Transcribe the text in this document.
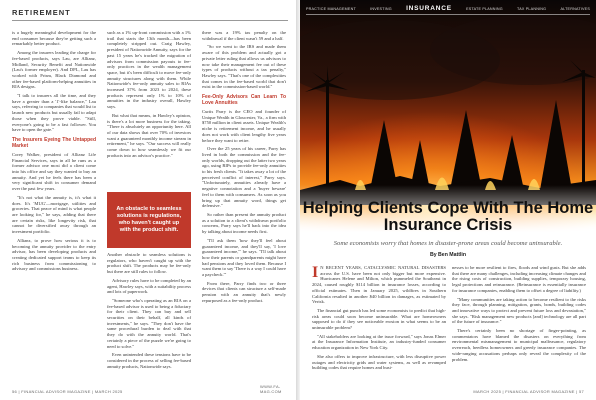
RETIREMENT

is a hugely meaningful development for the end consumer because they're getting such a remarkably better product.

Among the insurers leading the charge for fee-based products, says Lau, are Allianz, Midland, Security Benefit and Nationwide (Lau's former employer). And DPL, Lau has worked with Prism, Black Diamond and other fee-based platform-helping annuities in RIA designs.

"I talk to insurers all the time, and they have a greater than a '1'-like balance," Lau says, referring to companies that would list to launch new products but usually fail to adapt those when they prove viable. "Still, everyone's going to be a fast follower. You have to open the gate."

The Insurers Eyeing The Untapped Market

Corey Walker, president of Allianz Life Financial Services, says in all he runs as a former advisor one most did a client come into his office and say they wanted to buy an annuity. And yet he feels there has been a very significant shift in consumer demand over the past few years.

"It's not what the annuity is, it's what it does. It's 'MUG'—mortgage, utilities and groceries. That peace of mind is what people are looking for," he says, adding that there are certain risks, like longevity risk, that cannot be diversified away through an investment portfolio.

Allianz, to prove how serious it is to becoming the annuity provider to the entry advisor, has been developing products and creating dedicated support teams to keep its rich business from commissioning to advisory and commissions business.

such as a 1% up-front commission with a 1% trail that starts the 13th month—has been completely stripped out. Craig Hawley, president of Nationwide Annuity, says for the past 15 years he's tracked the migration of advisors from commission payouts to fee-only practices in the wealth management space, but it's been difficult to move fee-only annuity structures along with them. While Nationwide's fee-only annuity sales to RIAs increased 37% from 2023 to 2024, these products represent only 1% to 10% of annuities in the industry overall, Hawley says.

But what that means, in Hawley's opinion, is there's a lot more business for the taking. "There is absolutely an opportunity here. All of our data shows that over 70% of investors want a guaranteed monthly income stream in retirement," he says. "Our success will really come down to how seamlessly we fit our products into an advisor's practice."

An obstacle to seamless solutions is regulations, who haven't caught up with the product shift.

Another obstacle to seamless solutions is regulators, who haven't caught up with the product shift. The products may be fee-only but there are still rules to follow.

Advisory rules have to be completed by an agent, Hawley says, with a suitability process and lots of paperwork.

"Someone who's operating as an RIA on a fee-based advisor is used to being a fiduciary for their client. They can buy and sell securities on their behalf, all kinds of investments," he says. "They don't have the same procedural burden to deal with that they do with the annuity world. That's certainly a piece of the puzzle we're going to need to solve."

Even unintended these tensions have to be considered in the process of selling fee-based annuity products, Nationwide says.

there was a 19% tax penalty on the withdrawal if the client wasn't 59 and a half.

"So we went to the IRS and made them aware of this problem and actually got a private letter ruling that allows us advisors to now take their management fee out of these types of products without a tax penalty," Hawley says. "That's one of the complexities that comes in the fee-based world that don't exist in the commission-based world."

Fee-Only Advisors Can Learn To Love Annuities

Curtis Parry is the CEO and founder of Unique Wealth in Gloucester, Va., a firm with $750 million in client assets. Unique Wealth's niche is retirement income, and he usually does not work with client lengthy five years before they want to retire.

Over the 25 years of his career, Parry has lived in both the commission and the fee-only worlds, dropping out the latter two years ago, using RIPs to provide fee-only annuities to his fresh clients. "It takes away a lot of the perceived conflict of interest," Parry says. "Unfortunately, annuities already have a negative connotation and a 'buyer beware' feel to them with consumers. As soon as you bring up that annuity word, things get defensive."

So rather than present the annuity product as a solution to a client's withdrawn portfolio concerns, Parry says he'll back into the idea by talking about income needs first.

"I'll ask them 'how they'll feel about guaranteed income, and they'll say, 'I love guaranteed income,'" he says. "I'll talk about how their parents or grandparents might have had pensions and they loved them. Because I want them to say 'There is a way I could have a paycheck.'"

From there, Parry finds two or three devices that clients can structure a self-made pension with an annuity that's newly repurposed as a fee-only product.

56 | FINANCIAL ADVISOR MAGAZINE | MARCH 2025
WWW.FA-MAG.COM
PRACTICE MANAGEMENT	INVESTING INSURANCE	ESTATE PLANNING	TAX PLANNING	ALTERNATIVES
Helping Clients Cope With The Home Insurance Crisis
Some economists worry that homes in disaster-prone areas could become uninsurable.
By Ben Mattlin

I N RECENT YEARS, CATACLYSMIC NATURAL DISASTERS across the U.S. have been not only bigger but more expensive. Hurricanes Helene and Milton, which pummeled the Southeast in 2024, caused roughly $114 billion in insurance losses, according to official estimates. Then in January 2025, wildfires in Southern California resulted in another $40 billion in damages, as estimated by Verisk.

The financial gut punch has led some economists to predict that high-risk areas could soon become uninsurable. What are homeowners supposed to do if they see noticeable erosion in what seems to be an uninsurable problem?

"All stakeholders are looking at the issue forward," says Jonas Elmer at the Insurance Information Institute, an industry-funded consumer education organization in New York City.

She also offers to improve infrastructure, with less disruptive power outages and electricity grids and water systems, as well as revamped building codes that require homes and busi-

nesses to be more resilient to fires, floods and wind gusts. But she adds that there are many challenges, including increasing climate changes and the rising costs of construction, building supplies, temporary housing, legal protections and reinsurance. (Reinsurance is essentially insurance for insurance companies, enabling them to offset a degree of liability.)

"Many communities are taking action to become resilient to the risks they face, through planning, mitigation, grants, bonds, building codes and innovative ways to protect and prevent future loss and devastation," she says. "Risk management new products [and] technology are all part of the future of insurance."

There's certainly been no shortage of finger-pointing, as commentators have blamed the disasters on everything from environmental mismanagement to municipal malfeasance, regulatory overreach, heedless homeowners and greedy insurance companies. The wide-ranging accusations perhaps only reveal the complexity of the problem.

MARCH 2025 | FINANCIAL ADVISOR MAGAZINE | 57
